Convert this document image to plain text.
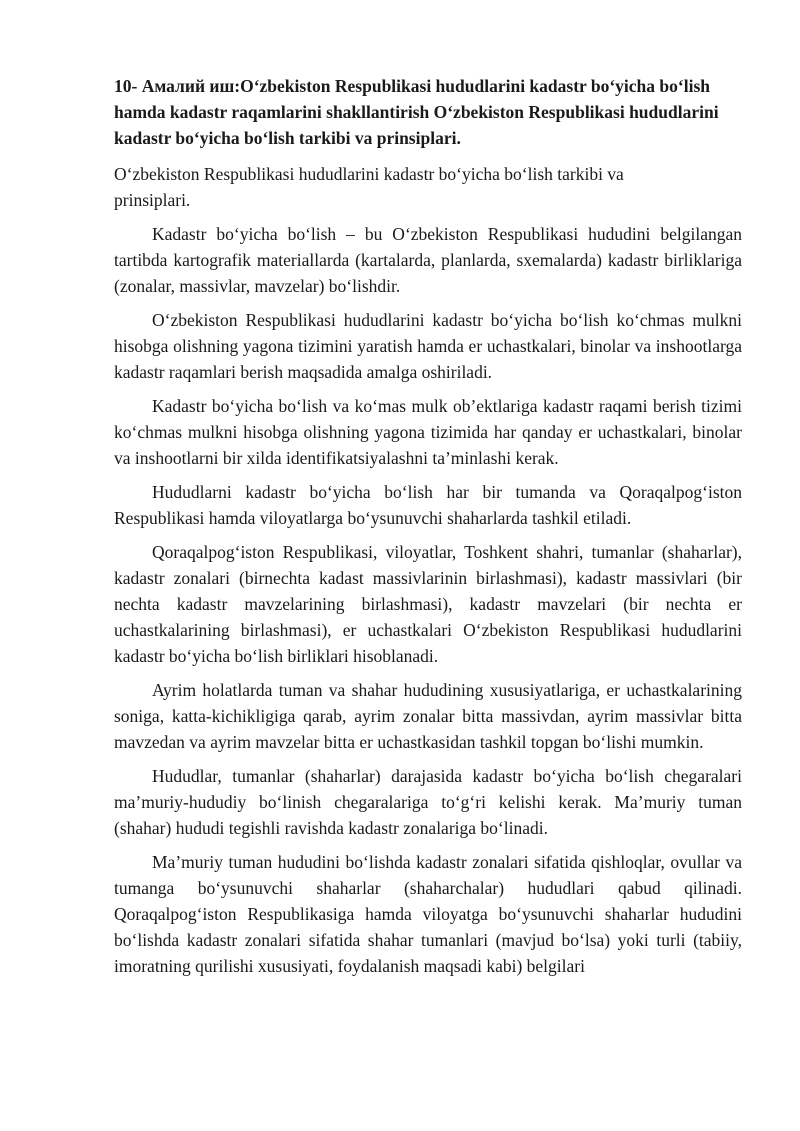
10- Амалий иш:O‘zbekiston Respublikasi hududlarini kadastr bo‘yicha bo‘lish hamda kadastr raqamlarini shakllantirish O‘zbekiston Respublikasi hududlarini kadastr bo‘yicha bo‘lish tarkibi va prinsiplari.
O‘zbekiston Respublikasi hududlarini kadastr bo‘yicha bo‘lish tarkibi va prinsiplari.

Kadastr bo‘yicha bo‘lish – bu O‘zbekiston Respublikasi hududini belgilangan tartibda kartografik materiallarda (kartalarda, planlarda, sxemalarda) kadastr birliklariga (zonalar, massivlar, mavzelar) bo‘lishdir.

O‘zbekiston Respublikasi hududlarini kadastr bo‘yicha bo‘lish ko‘chmas mulkni hisobga olishning yagona tizimini yaratish hamda er uchastkalari, binolar va inshootlarga kadastr raqamlari berish maqsadida amalga oshiriladi.

Kadastr bo‘yicha bo‘lish va ko‘mas mulk ob’ektlariga kadastr raqami berish tizimi ko‘chmas mulkni hisobga olishning yagona tizimida har qanday er uchastkalari, binolar va inshootlarni bir xilda identifikatsiyalashni ta’minlashi kerak.

Hududlarni kadastr bo‘yicha bo‘lish har bir tumanda va Qoraqalpog‘iston Respublikasi hamda viloyatlarga bo‘ysunuvchi shaharlarda tashkil etiladi.

Qoraqalpog‘iston Respublikasi, viloyatlar, Toshkent shahri, tumanlar (shaharlar), kadastr zonalari (birnechta kadast massivlarinin birlashmasi), kadastr massivlari (bir nechta kadastr mavzelarining birlashmasi), kadastr mavzelari (bir nechta er uchastkalarining birlashmasi), er uchastkalari O‘zbekiston Respublikasi hududlarini kadastr bo‘yicha bo‘lish birliklari hisoblanadi.

Ayrim holatlarda tuman va shahar hududining xususiyatlariga, er uchastkalarining soniga, katta-kichikligiga qarab, ayrim zonalar bitta massivdan, ayrim massivlar bitta mavzedan va ayrim mavzelar bitta er uchastkasidan tashkil topgan bo‘lishi mumkin.

Hududlar, tumanlar (shaharlar) darajasida kadastr bo‘yicha bo‘lish chegaralari ma’muriy-hududiy bo‘linish chegaralariga to‘g‘ri kelishi kerak. Ma’muriy tuman (shahar) hududi tegishli ravishda kadastr zonalariga bo‘linadi.

Ma’muriy tuman hududini bo‘lishda kadastr zonalari sifatida qishloqlar, ovullar va tumanga bo‘ysunuvchi shaharlar (shaharchalar) hududlari qabud qilinadi. Qoraqalpog‘iston Respublikasiga hamda viloyatga bo‘ysunuvchi shaharlar hududini bo‘lishda kadastr zonalari sifatida shahar tumanlari (mavjud bo‘lsa) yoki turli (tabiiy, imoratning qurilishi xususiyati, foydalanish maqsadi kabi) belgilari
